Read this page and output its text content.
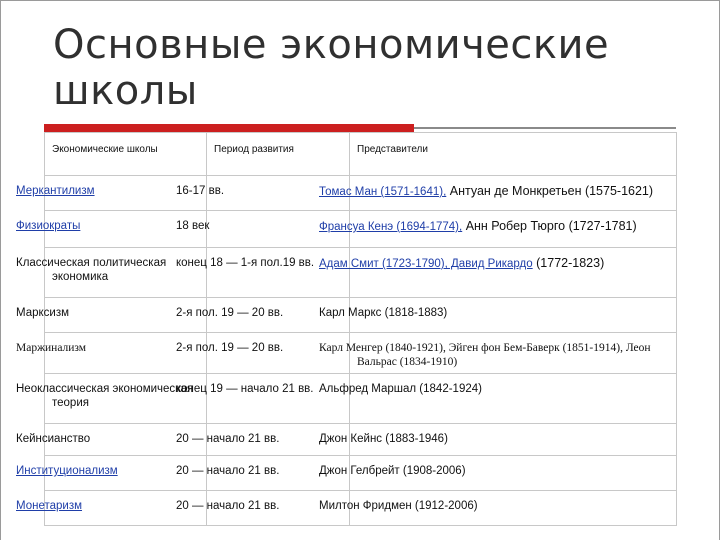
Основные экономические школы
Экономические школы	Период развития	Представители
Меркантилизм	16-17 вв.	Томас Ман (1571-1641), Антуан де Монкретьен (1575-1621)
Физиократы	18 век	Франсуа Кенэ (1694-1774), Анн Робер Тюрго (1727-1781)
Классическая политическая экономика	конец 18 — 1-я пол.19 вв.	Адам Смит (1723-1790), Давид Рикардо (1772-1823)
Марксизм	2-я пол. 19 — 20 вв.	Карл Маркс (1818-1883)
Маржинализм	2-я пол. 19 — 20 вв.	Карл Менгер (1840-1921), Эйген фон Бем-Баверк (1851-1914), Леон Вальрас (1834-1910)
Неоклассическая экономическая теория	конец 19 — начало 21 вв.	Альфред Маршал (1842-1924)
Кейнсианство	20 — начало 21 вв.	Джон Кейнс (1883-1946)
Институционализм	20 — начало 21 вв.	Джон Гелбрейт (1908-2006)
Монетаризм	20 — начало 21 вв.	Милтон Фридмен (1912-2006)
